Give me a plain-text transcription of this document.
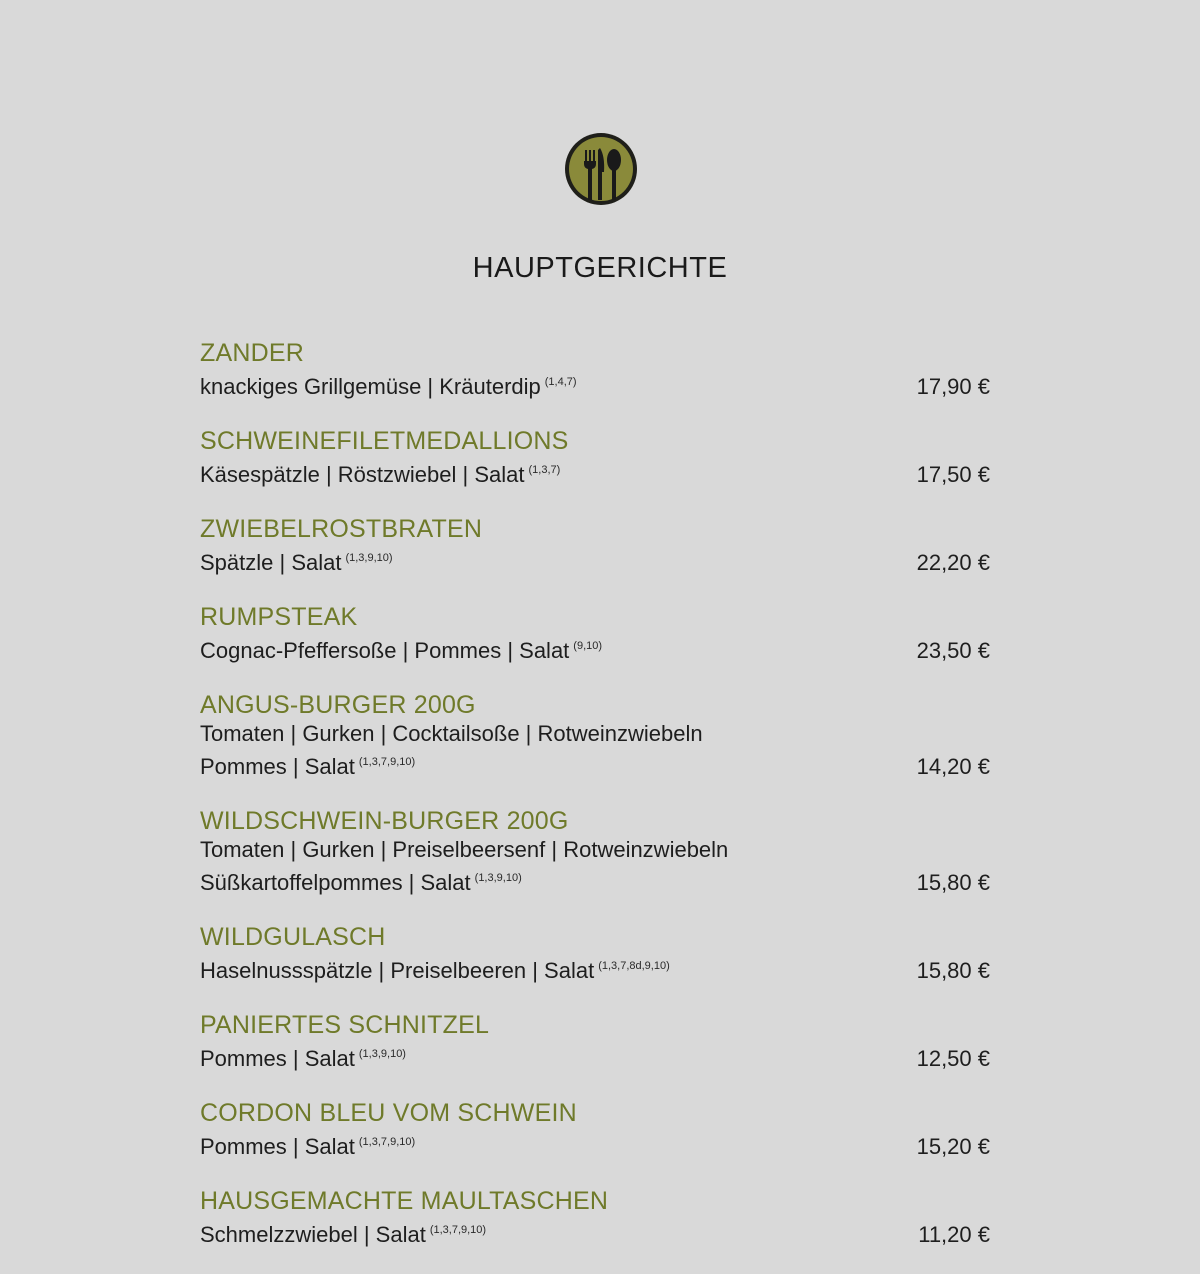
HAUPTGERICHTE
ZANDER
knackiges Grillgemüse | Kräuterdip $^{(1,4,7)}$	17,90 €
SCHWEINEFILETMEDALLIONS
Käsespätzle | Röstzwiebel | Salat $^{(1,3,7)}$	17,50 €
ZWIEBELROSTBRATEN
Spätzle | Salat $^{(1,3,9,10)}$	22,20 €
RUMPSTEAK
Cognac-Pfeffersoße | Pommes | Salat $^{(9,10)}$	23,50 €
ANGUS-BURGER 200G
Tomaten | Gurken | Cocktailsoße | Rotweinzwiebeln
Pommes | Salat $^{(1,3,7,9,10)}$	14,20 €
WILDSCHWEIN-BURGER 200G
Tomaten | Gurken | Preiselbeersenf | Rotweinzwiebeln
Süßkartoffelpommes | Salat $^{(1,3,9,10)}$	15,80 €
WILDGULASCH
Haselnussspätzle | Preiselbeeren | Salat $^{(1,3,7,8d,9,10)}$	15,80 €
PANIERTES SCHNITZEL
Pommes | Salat $^{(1,3,9,10)}$	12,50 €
CORDON BLEU VOM SCHWEIN
Pommes | Salat $^{(1,3,7,9,10)}$	15,20 €
HAUSGEMACHTE MAULTASCHEN
Schmelzzwiebel | Salat $^{(1,3,7,9,10)}$	11,20 €
